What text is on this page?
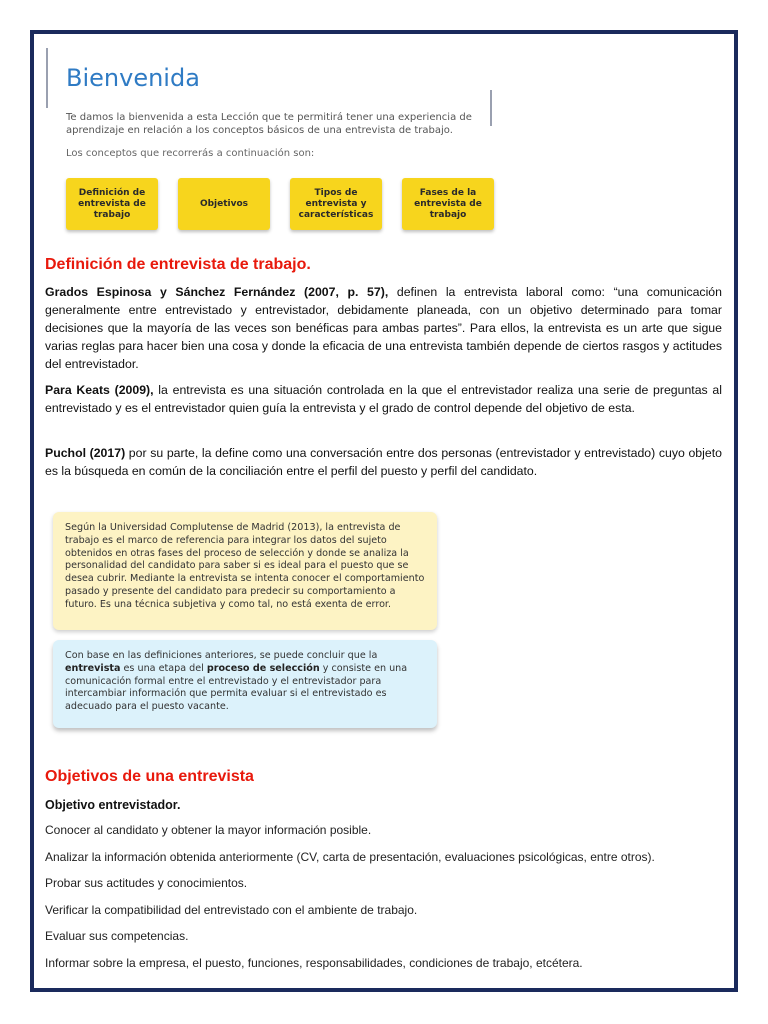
Bienvenida

Te damos la bienvenida a esta Lección que te permitirá tener una experiencia de aprendizaje en relación a los conceptos básicos de una entrevista de trabajo.

Los conceptos que recorrerás a continuación son:

Definición de entrevista de trabajo
Objetivos
Tipos de entrevista y características
Fases de la entrevista de trabajo
Definición de entrevista de trabajo.

Grados Espinosa y Sánchez Fernández (2007, p. 57), definen la entrevista laboral como: “una comunicación generalmente entre entrevistado y entrevistador, debidamente planeada, con un objetivo determinado para tomar decisiones que la mayoría de las veces son benéficas para ambas partes”. Para ellos, la entrevista es un arte que sigue varias reglas para hacer bien una cosa y donde la eficacia de una entrevista también depende de ciertos rasgos y actitudes del entrevistador.

Para Keats (2009), la entrevista es una situación controlada en la que el entrevistador realiza una serie de preguntas al entrevistado y es el entrevistador quien guía la entrevista y el grado de control depende del objetivo de esta.

Puchol (2017) por su parte, la define como una conversación entre dos personas (entrevistador y entrevistado) cuyo objeto es la búsqueda en común de la conciliación entre el perfil del puesto y perfil del candidato.

Según la Universidad Complutense de Madrid (2013), la entrevista de trabajo es el marco de referencia para integrar los datos del sujeto obtenidos en otras fases del proceso de selección y donde se analiza la personalidad del candidato para saber si es ideal para el puesto que se desea cubrir. Mediante la entrevista se intenta conocer el comportamiento pasado y presente del candidato para predecir su comportamiento a futuro. Es una técnica subjetiva y como tal, no está exenta de error.

Con base en las definiciones anteriores, se puede concluir que la entrevista es una etapa del proceso de selección y consiste en una comunicación formal entre el entrevistado y el entrevistador para intercambiar información que permita evaluar si el entrevistado es adecuado para el puesto vacante.

Objetivos de una entrevista

Objetivo entrevistador.

Conocer al candidato y obtener la mayor información posible.
Analizar la información obtenida anteriormente (CV, carta de presentación, evaluaciones psicológicas, entre otros).
Probar sus actitudes y conocimientos.
Verificar la compatibilidad del entrevistado con el ambiente de trabajo.
Evaluar sus competencias.
Informar sobre la empresa, el puesto, funciones, responsabilidades, condiciones de trabajo, etcétera.
